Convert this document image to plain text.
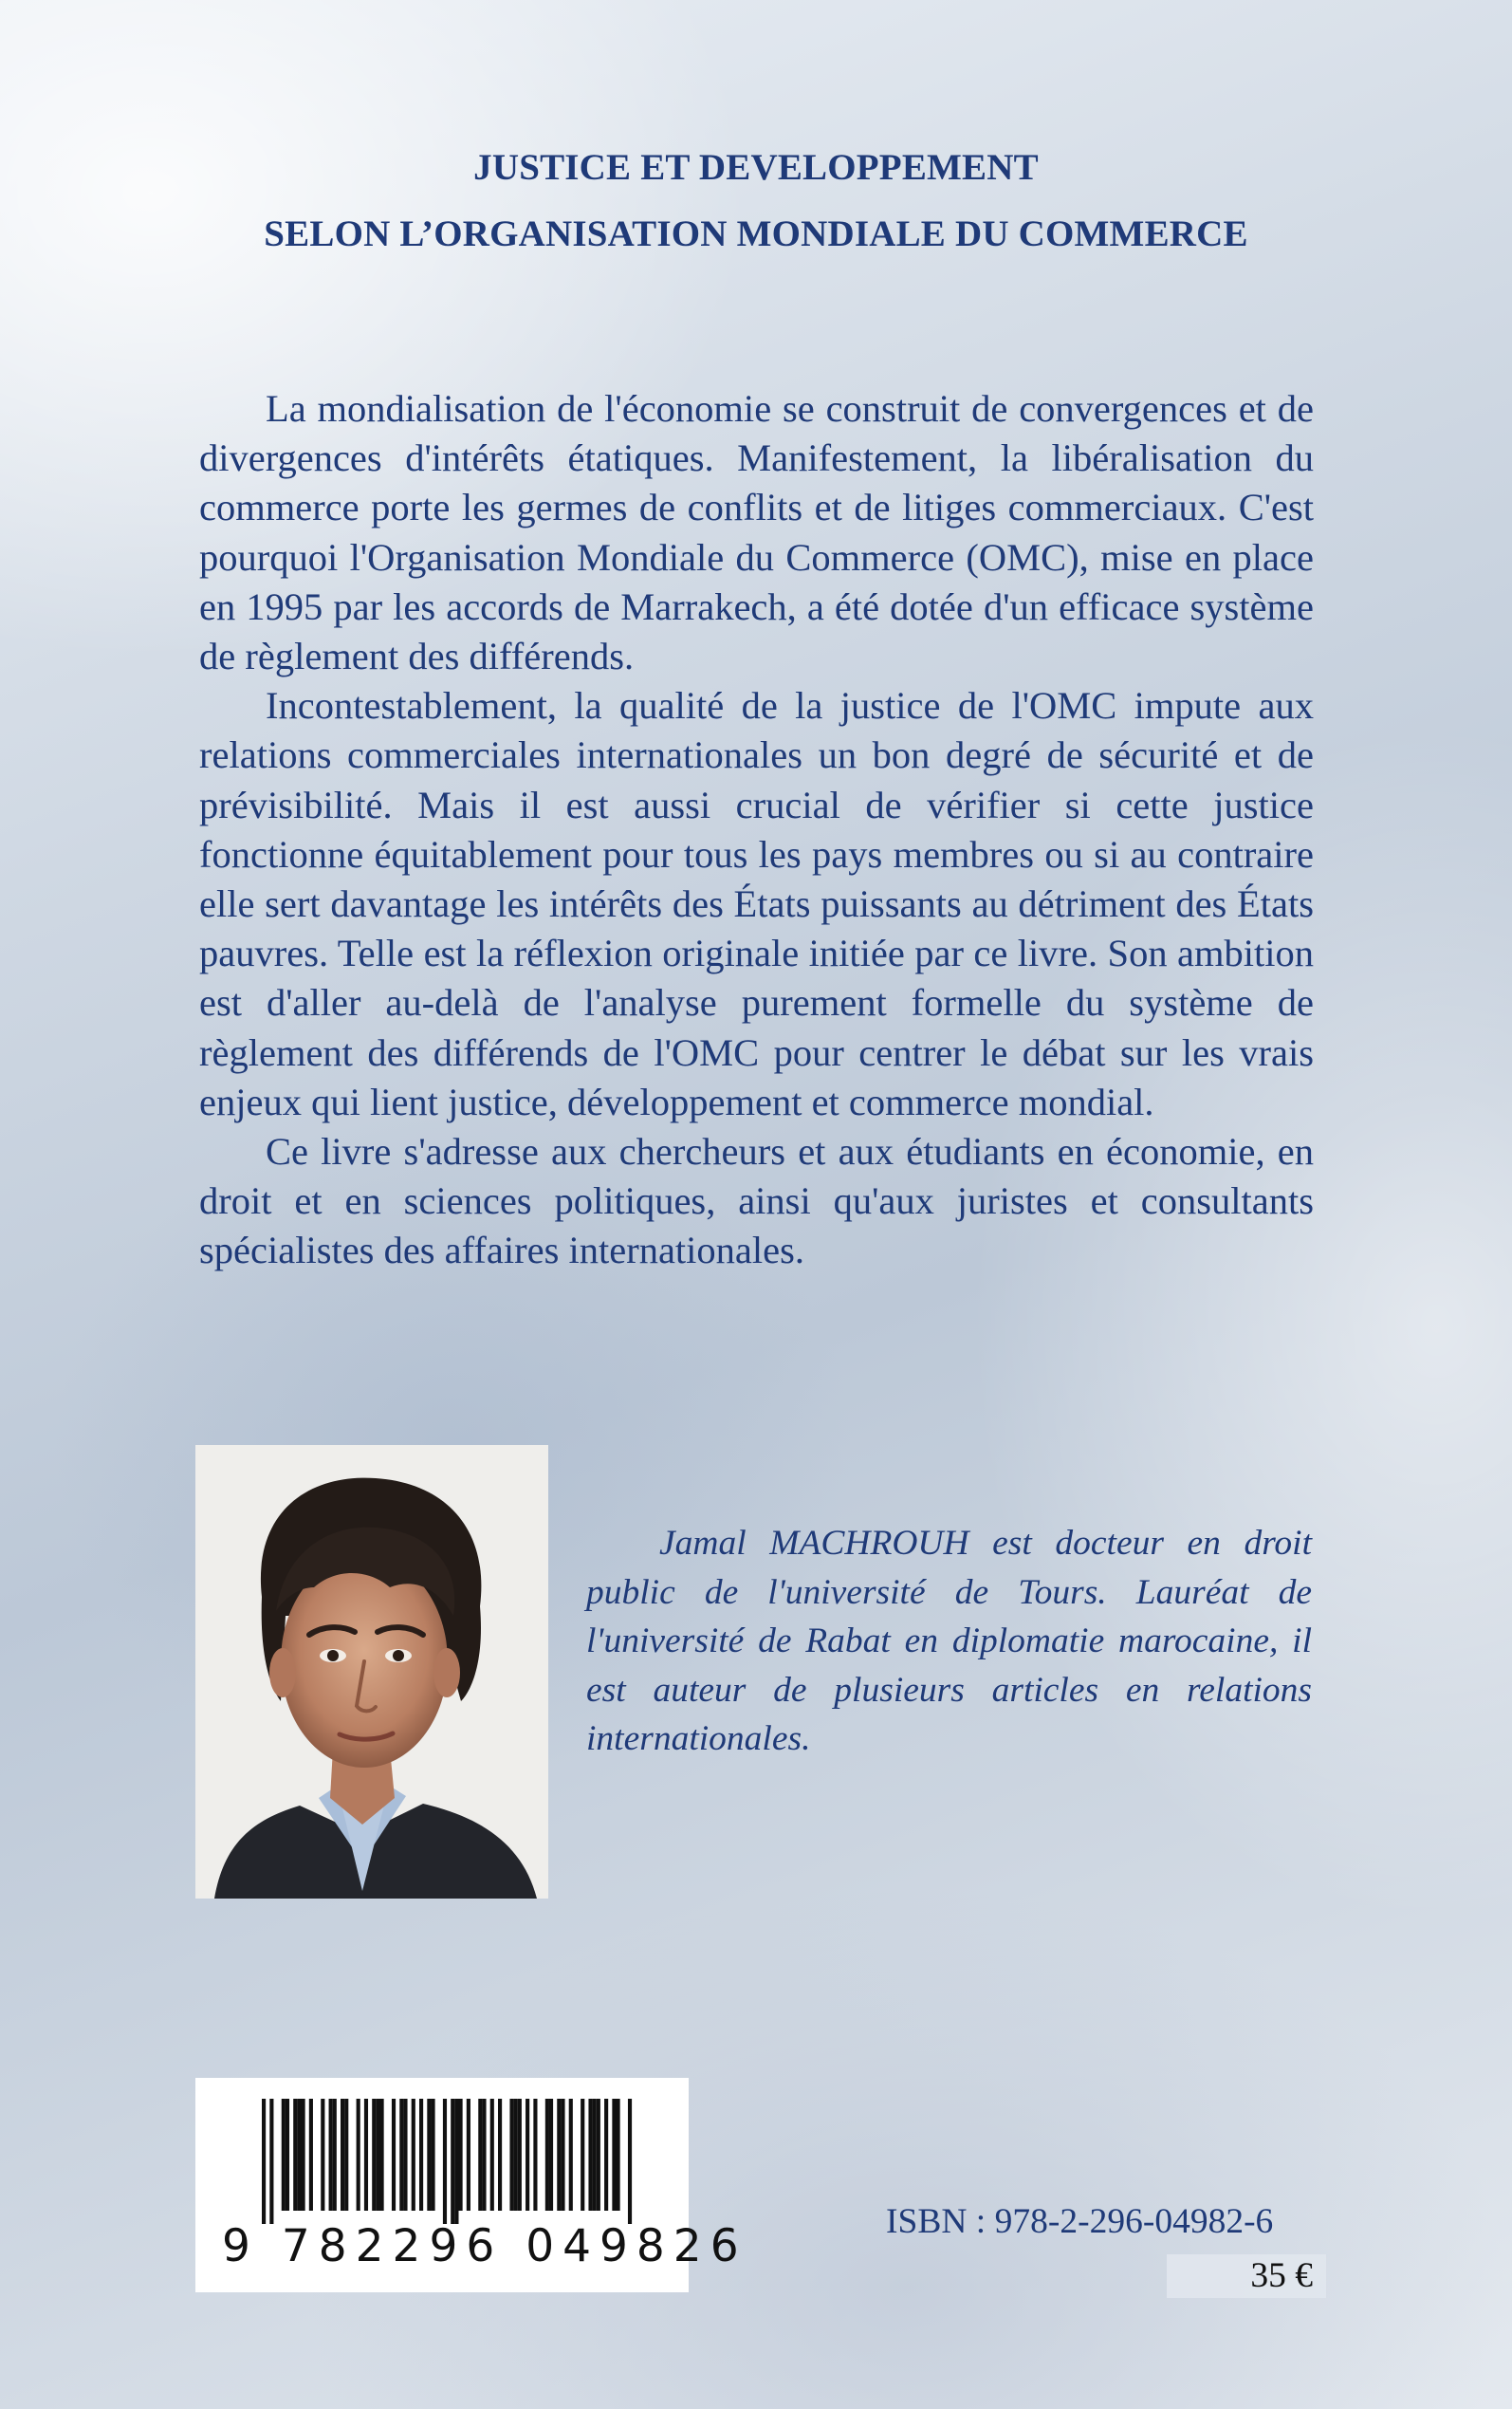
JUSTICE ET DEVELOPPEMENT
SELON L’ORGANISATION MONDIALE DU COMMERCE

La mondialisation de l'économie se construit de convergences et de divergences d'intérêts étatiques. Manifestement, la libéralisation du commerce porte les germes de conflits et de litiges commerciaux. C'est pourquoi l'Organisation Mondiale du Commerce (OMC), mise en place en 1995 par les accords de Marrakech, a été dotée d'un efficace système de règlement des différends.

Incontestablement, la qualité de la justice de l'OMC impute aux relations commerciales internationales un bon degré de sécurité et de prévisibilité. Mais il est aussi crucial de vérifier si cette justice fonctionne équitablement pour tous les pays membres ou si au contraire elle sert davantage les intérêts des États puissants au détriment des États pauvres. Telle est la réflexion originale initiée par ce livre. Son ambition est d'aller au-delà de l'analyse purement formelle du système de règlement des différends de l'OMC pour centrer le débat sur les vrais enjeux qui lient justice, développement et commerce mondial.

Ce livre s'adresse aux chercheurs et aux étudiants en économie, en droit et en sciences politiques, ainsi qu'aux juristes et consultants spécialistes des affaires internationales.

Jamal MACHROUH est docteur en droit public de l'université de Tours. Lauréat de l'université de Rabat en diplomatie marocaine, il est auteur de plusieurs articles en relations internationales.
9 782296 049826	ISBN : 978-2-296-04982-6
35 €
